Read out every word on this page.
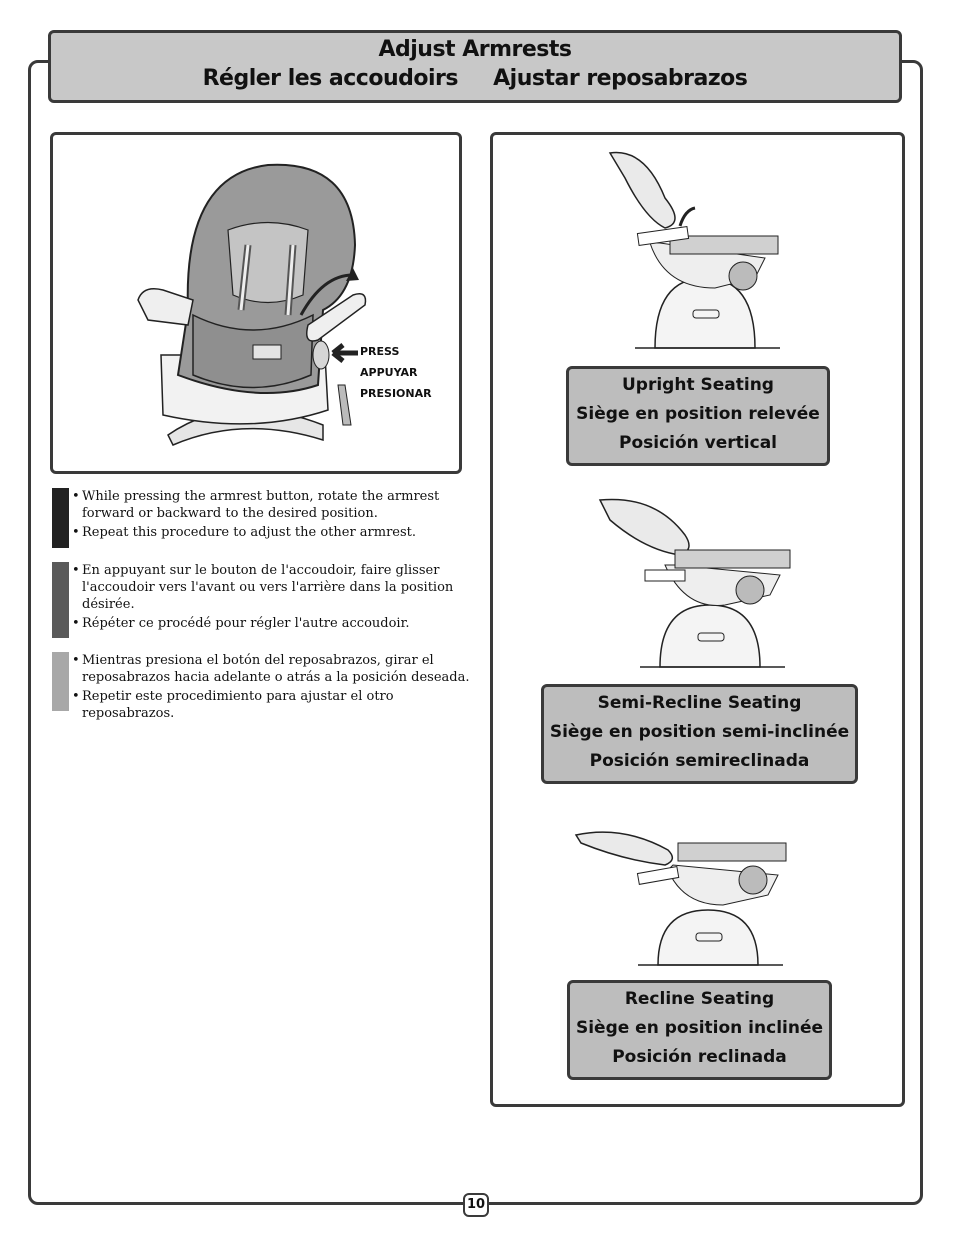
Adjust Armrests
Régler les accoudoirs Ajustar reposabrazos
PRESS
APPUYAR
PRESIONAR
• While pressing the armrest button, rotate the armrest forward or backward to the desired position.
• Repeat this procedure to adjust the other armrest.
• En appuyant sur le bouton de l'accoudoir, faire glisser l'accoudoir vers l'avant ou vers l'arrière dans la position désirée.
• Répéter ce procédé pour régler l'autre accoudoir.
• Mientras presiona el botón del reposabrazos, girar el reposabrazos hacia adelante o atrás a la posición deseada.
• Repetir este procedimiento para ajustar el otro reposabrazos.
Upright Seating
Siège en position relevée
Posición vertical
Semi-Recline Seating
Siège en position semi-inclinée
Posición semireclinada
Recline Seating
Siège en position inclinée
Posición reclinada
10
